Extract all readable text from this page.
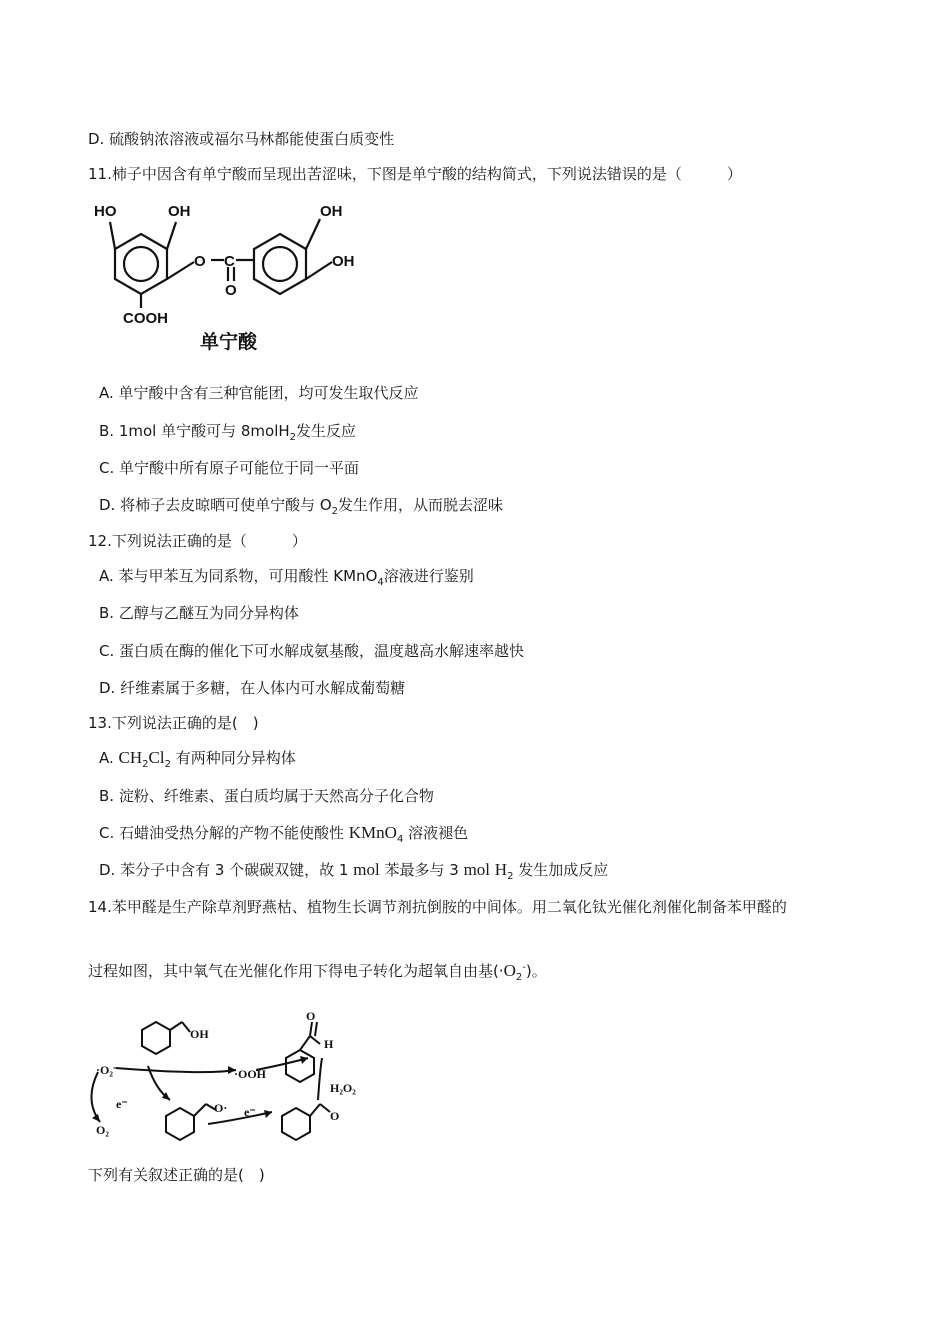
D. 硫酸钠浓溶液或福尔马林都能使蛋白质变性
11.柿子中因含有单宁酸而呈现出苦涩味，下图是单宁酸的结构简式，下列说法错误的是（　　　）
HO	OH	OH
OH
O C
O
COOH
单宁酸
A. 单宁酸中含有三种官能团，均可发生取代反应
B. 1mol 单宁酸可与 8molH$_2$发生反应
C. 单宁酸中所有原子可能位于同一平面
D. 将柿子去皮晾晒可使单宁酸与 $O_2$发生作用，从而脱去涩味
12.下列说法正确的是（　　　）
A. 苯与甲苯互为同系物，可用酸性 KMnO$_4$溶液进行鉴别
B. 乙醇与乙醚互为同分异构体
C. 蛋白质在酶的催化下可水解成氨基酸，温度越高水解速率越快
D. 纤维素属于多糖，在人体内可水解成葡萄糖
13.下列说法正确的是(　)
A. $CH_2Cl_2$ 有两种同分异构体
B. 淀粉、纤维素、蛋白质均属于天然高分子化合物
C. 石蜡油受热分解的产物不能使酸性 KMnO$_4$ 溶液褪色
D. 苯分子中含有 3 个碳碳双键，故 1 mol 苯最多与 3 mol $H_2$ 发生加成反应
14.苯甲醛是生产除草剂野燕枯、植物生长调节剂抗倒胺的中间体。用二氧化钛光催化剂催化制备苯甲醛的
过程如图，其中氧气在光催化作用下得电子转化为超氧自由基$(\cdot O_2^-)$。
OH
·OOH
H
O
H₂O₂
·O₂⁻
e⁻
O₂
e⁻
O·
O
下列有关叙述正确的是(　)
